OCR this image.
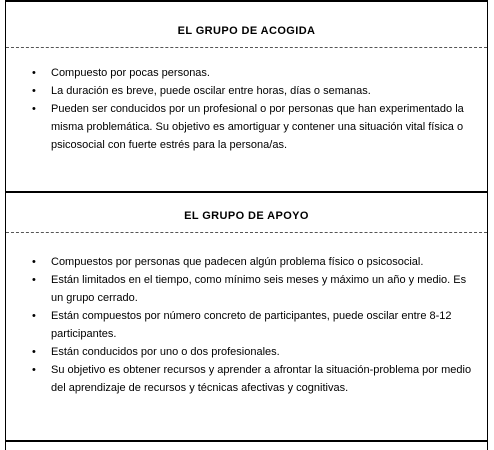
EL GRUPO DE ACOGIDA
• Compuesto por pocas personas.
• La duración es breve, puede oscilar entre horas, días o semanas.
• Pueden ser conducidos por un profesional o por personas que han experimentado la misma problemática. Su objetivo es amortiguar y contener una situación vital física o psicosocial con fuerte estrés para la persona/as.
EL GRUPO DE APOYO
• Compuestos por personas que padecen algún problema físico o psicosocial.
• Están limitados en el tiempo, como mínimo seis meses y máximo un año y medio. Es un grupo cerrado.
• Están compuestos por número concreto de participantes, puede oscilar entre 8-12 participantes.
• Están conducidos por uno o dos profesionales.
• Su objetivo es obtener recursos y aprender a afrontar la situación-problema por medio del aprendizaje de recursos y técnicas afectivas y cognitivas.
